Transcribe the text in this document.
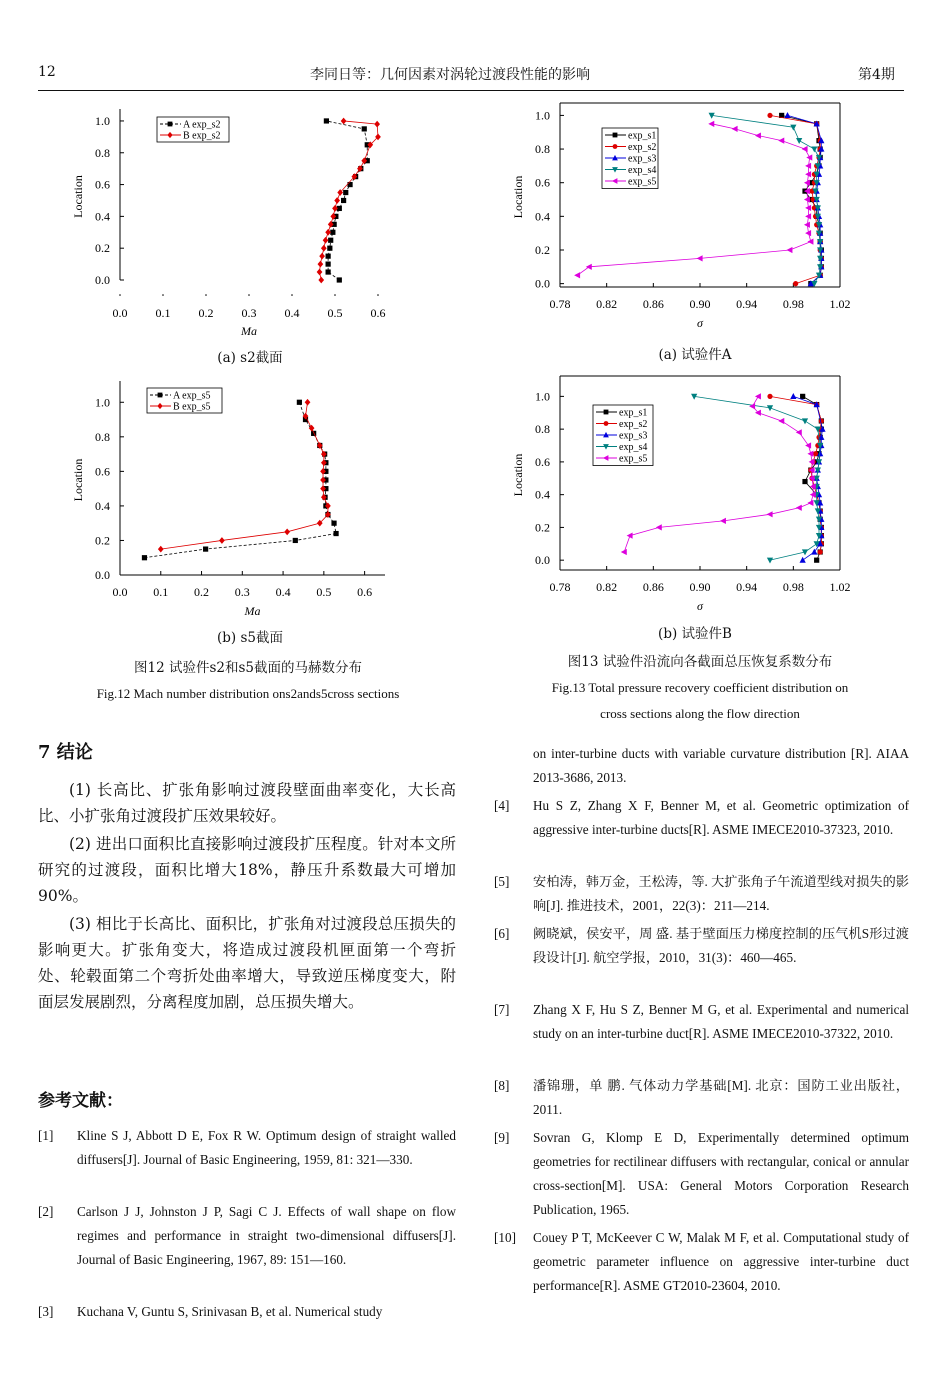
12	李同日等：几何因素对涡轮过渡段性能的影响	第4期
0.0
0.2
0.4
0.6
0.8
1.0
0.0 0.1 0.2 0.3 0.4 0.5 0.6
Ma
Location
A exp_s2
B exp_s2
0.0
0.2
0.4
0.6
0.8
1.0
0.0 0.1 0.2 0.3 0.4 0.5 0.6
Ma
Location
A exp_s5
B exp_s5
0.0
0.2
0.4
0.6
0.8
1.0
0.78 0.82 0.86 0.90 0.94 0.98 1.02
σ
Location
exp_s1
exp_s2
exp_s3
exp_s4
exp_s5
0.0
0.2
0.4
0.6
0.8
1.0
0.78 0.82 0.86 0.90 0.94 0.98 1.02
σ
Location
exp_s1
exp_s2
exp_s3
exp_s4
exp_s5
(a) s2截面
(b) s5截面
(a) 试验件A
(b) 试验件B
图12 试验件s2和s5截面的马赫数分布
Fig.12 Mach number distribution ons2ands5cross sections
图13 试验件沿流向各截面总压恢复系数分布
Fig.13 Total pressure recovery coefficient distribution on
cross sections along the flow direction
7 结论
(1) 长高比、扩张角影响过渡段壁面曲率变化，大长高比、小扩张角过渡段扩压效果较好。
(2) 进出口面积比直接影响过渡段扩压程度。针对本文所研究的过渡段，面积比增大18%，静压升系数最大可增加90%。
(3) 相比于长高比、面积比，扩张角对过渡段总压损失的影响更大。扩张角变大，将造成过渡段机匣面第一个弯折处、轮毂面第二个弯折处曲率增大，导致逆压梯度变大，附面层发展剧烈，分离程度加剧，总压损失增大。
参考文献：
[1] Kline S J, Abbott D E, Fox R W. Optimum design of straight walled diffusers[J]. Journal of Basic Engineering, 1959, 81: 321—330.
[2] Carlson J J, Johnston J P, Sagi C J. Effects of wall shape on flow regimes and performance in straight two-dimensional diffusers[J]. Journal of Basic Engineering, 1967, 89: 151—160.
[3] Kuchana V, Guntu S, Srinivasan B, et al. Numerical study
on inter-turbine ducts with variable curvature distribution [R]. AIAA 2013-3686, 2013.
[4] Hu S Z, Zhang X F, Benner M, et al. Geometric optimization of aggressive inter-turbine ducts[R]. ASME IMECE2010-37323, 2010.
[5] 安柏涛，韩万金，王松涛，等. 大扩张角子午流道型线对损失的影响[J]. 推进技术，2001，22(3)：211—214.
[6] 阙晓斌，侯安平，周 盛. 基于壁面压力梯度控制的压气机S形过渡段设计[J]. 航空学报，2010，31(3)：460—465.
[7] Zhang X F, Hu S Z, Benner M G, et al. Experimental and numerical study on an inter-turbine duct[R]. ASME IMECE2010-37322, 2010.
[8] 潘锦珊，单 鹏. 气体动力学基础[M]. 北京：国防工业出版社，2011.
[9] Sovran G, Klomp E D, Experimentally determined optimum geometries for rectilinear diffusers with rectangular, conical or annular cross-section[M]. USA: General Motors Corporation Research Publication, 1965.
[10] Couey P T, McKeever C W, Malak M F, et al. Computational study of geometric parameter influence on aggressive inter-turbine duct performance[R]. ASME GT2010-23604, 2010.
